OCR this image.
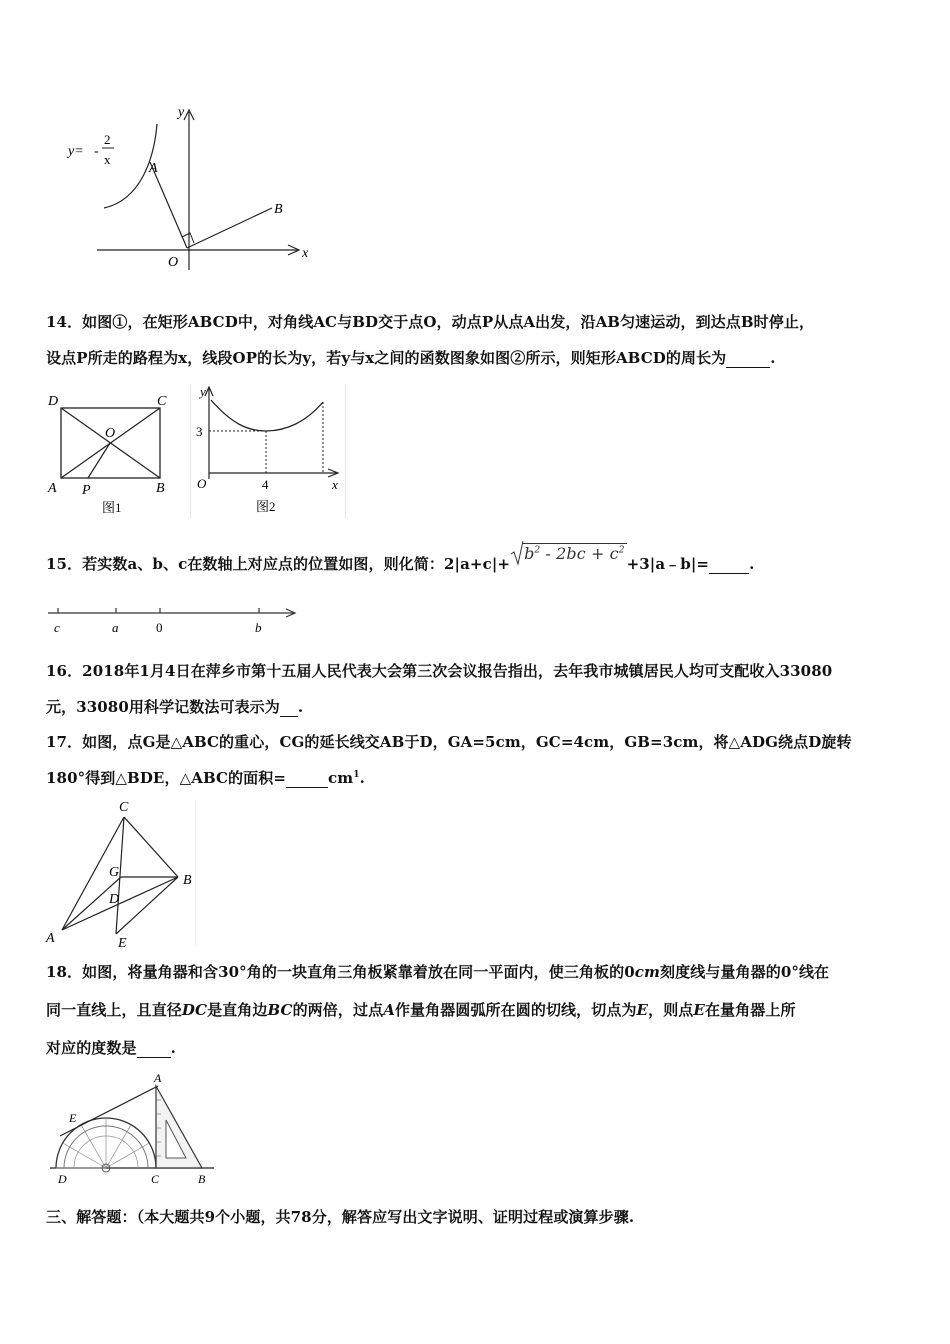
y
x
O
A
B
y= -
2
x
14．如图①，在矩形ABCD中，对角线AC与BD交于点O，动点P从点A出发，沿AB匀速运动，到达点B时停止，
设点P所走的路程为x，线段OP的长为y，若y与x之间的函数图象如图②所示，则矩形ABCD的周长为	.
D	C
O
A P	B
图1
y
3
O	4	x
图2
15．若实数a、b、c在数轴上对应点的位置如图，则化简：2|a+c|+
$b^2 - 2bc$ + $c^2+3|a﹣b|=$	.
c	a	0	b
16．2018年1月4日在萍乡市第十五届人民代表大会第三次会议报告指出，去年我市城镇居民人均可支配收入33080
元，33080用科学记数法可表示为 .
17．如图，点G是△ABC的重心，CG的延长线交AB于D，GA=5cm，GC=4cm，GB=3cm，将△ADG绕点D旋转
180°得到△BDE，△ABC的面积=	$cm^1$.
C
G
B
D
A	E
18．如图，将量角器和含30°角的一块直角三角板紧靠着放在同一平面内，使三角板的0cm刻度线与量角器的0°线在
同一直线上，且直径DC是直角边BC的两倍，过点A作量角器圆弧所在圆的切线，切点为E，则点E在量角器上所
对应的度数是 .
A
E
D	C	B
三、解答题：（本大题共9个小题，共78分，解答应写出文字说明、证明过程或演算步骤.
